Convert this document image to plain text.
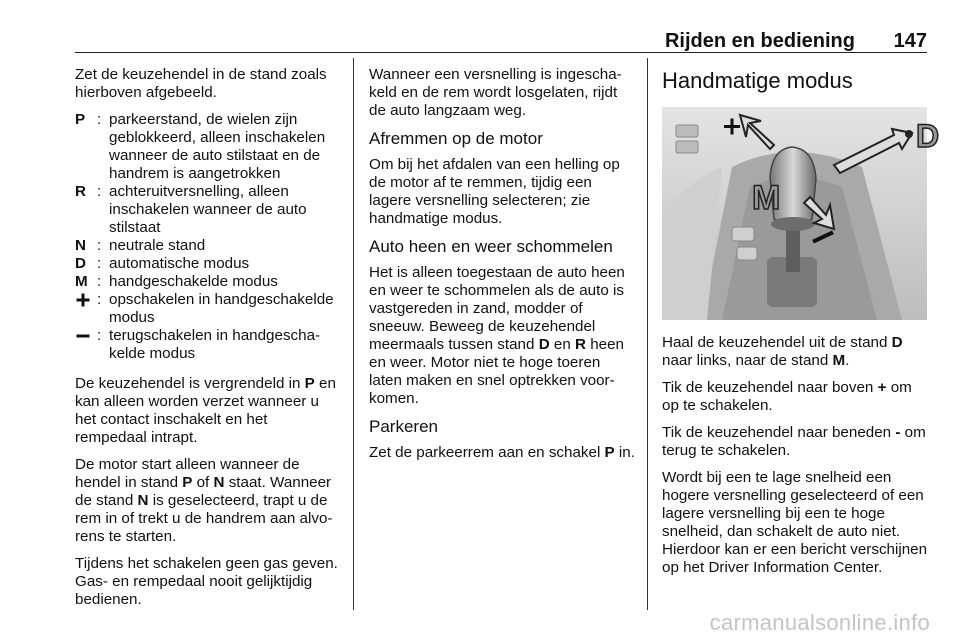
Rijden en bediening 147

Zet de keuzehendel in de stand zoals hierboven afgebeeld.

P : parkeerstand, de wielen zijn geblokkeerd, alleen inschakelen wanneer de auto stilstaat en de handrem is aangetrokken
R : achteruitversnelling, alleen inschakelen wanneer de auto stilstaat
N : neutrale stand
D : automatische modus
M : handgeschakelde modus
: opschakelen in handgeschakelde modus
: terugschakelen in handgeschakelde modus

De keuzehendel is vergrendeld in P en kan alleen worden verzet wanneer u het contact inschakelt en het rempedaal intrapt.

De motor start alleen wanneer de hendel in stand P of N staat. Wanneer de stand N is geselecteerd, trapt u de rem in of trekt u de handrem aan alvorens te starten.

Tijdens het schakelen geen gas geven. Gas- en rempedaal nooit gelijktijdig bedienen.

Wanneer een versnelling is ingeschakeld en de rem wordt losgelaten, rijdt de auto langzaam weg.

Afremmen op de motor

Om bij het afdalen van een helling op de motor af te remmen, tijdig een lagere versnelling selecteren; zie handmatige modus.

Auto heen en weer schommelen

Het is alleen toegestaan de auto heen en weer te schommelen als de auto is vastgereden in zand, modder of sneeuw. Beweeg de keuzehendel meermaals tussen stand D en R heen en weer. Motor niet te hoge toeren laten maken en snel optrekken voorkomen.

Parkeren

Zet de parkeerrem aan en schakel P in.

Handmatige modus
D
M

Haal de keuzehendel uit de stand D naar links, naar de stand M.

Tik de keuzehendel naar boven + om op te schakelen.

Tik de keuzehendel naar beneden - om terug te schakelen.

Wordt bij een te lage snelheid een hogere versnelling geselecteerd of een lagere versnelling bij een te hoge snelheid, dan schakelt de auto niet. Hierdoor kan er een bericht verschijnen op het Driver Information Center.

carmanualsonline.info
